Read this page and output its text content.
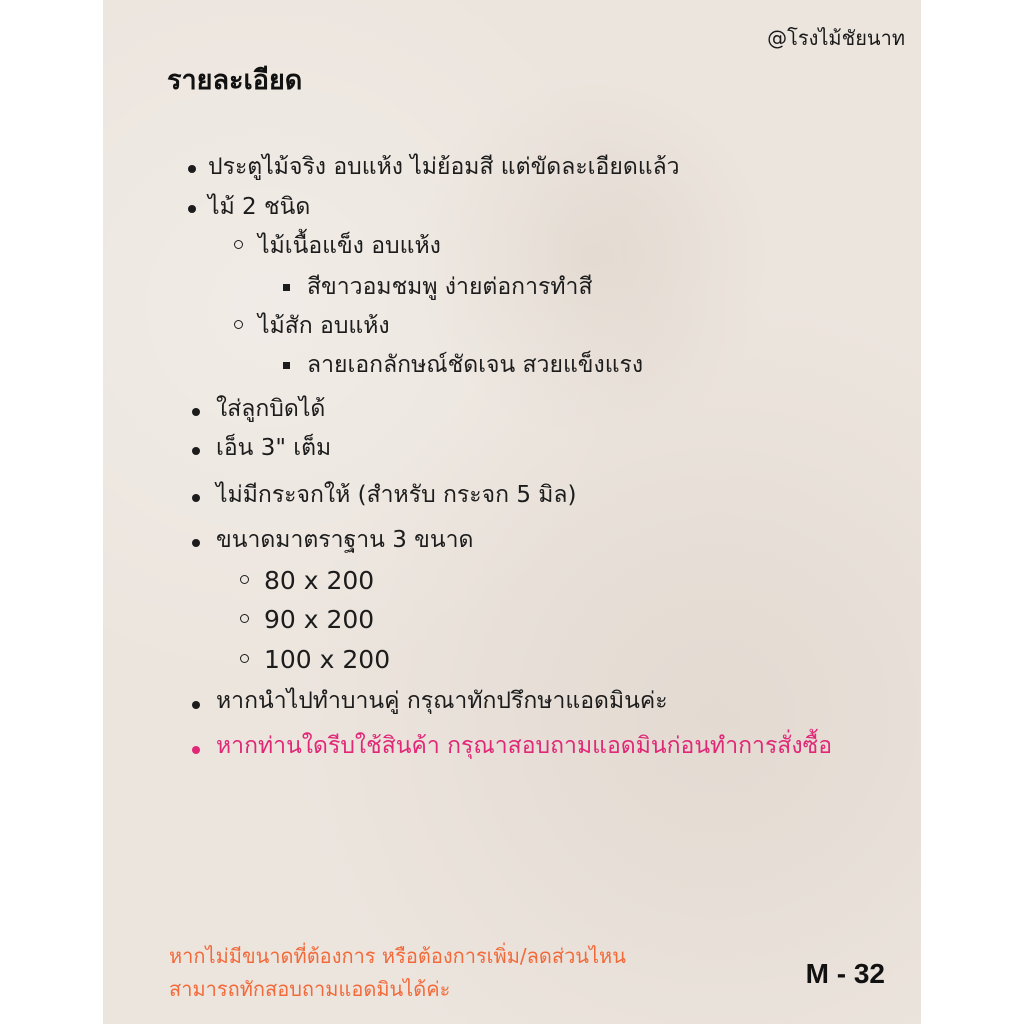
@โรงไม้ชัยนาท
รายละเอียด
ประตูไม้จริง อบแห้ง ไม่ย้อมสี แต่ขัดละเอียดแล้ว
ไม้ 2 ชนิด
ไม้เนื้อแข็ง อบแห้ง
สีขาวอมชมพู ง่ายต่อการทำสี
ไม้สัก อบแห้ง
ลายเอกลักษณ์ชัดเจน สวยแข็งแรง
ใส่ลูกบิดได้
เอ็น 3" เต็ม
ไม่มีกระจกให้ (สำหรับ กระจก 5 มิล)
ขนาดมาตราฐาน 3 ขนาด
80 x 200
90 x 200
100 x 200
หากนำไปทำบานคู่ กรุณาทักปรึกษาแอดมินค่ะ
หากท่านใดรีบใช้สินค้า กรุณาสอบถามแอดมินก่อนทำการสั่งซื้อ
หากไม่มีขนาดที่ต้องการ หรือต้องการเพิ่ม/ลดส่วนไหน
สามารถทักสอบถามแอดมินได้ค่ะ	M - 32
